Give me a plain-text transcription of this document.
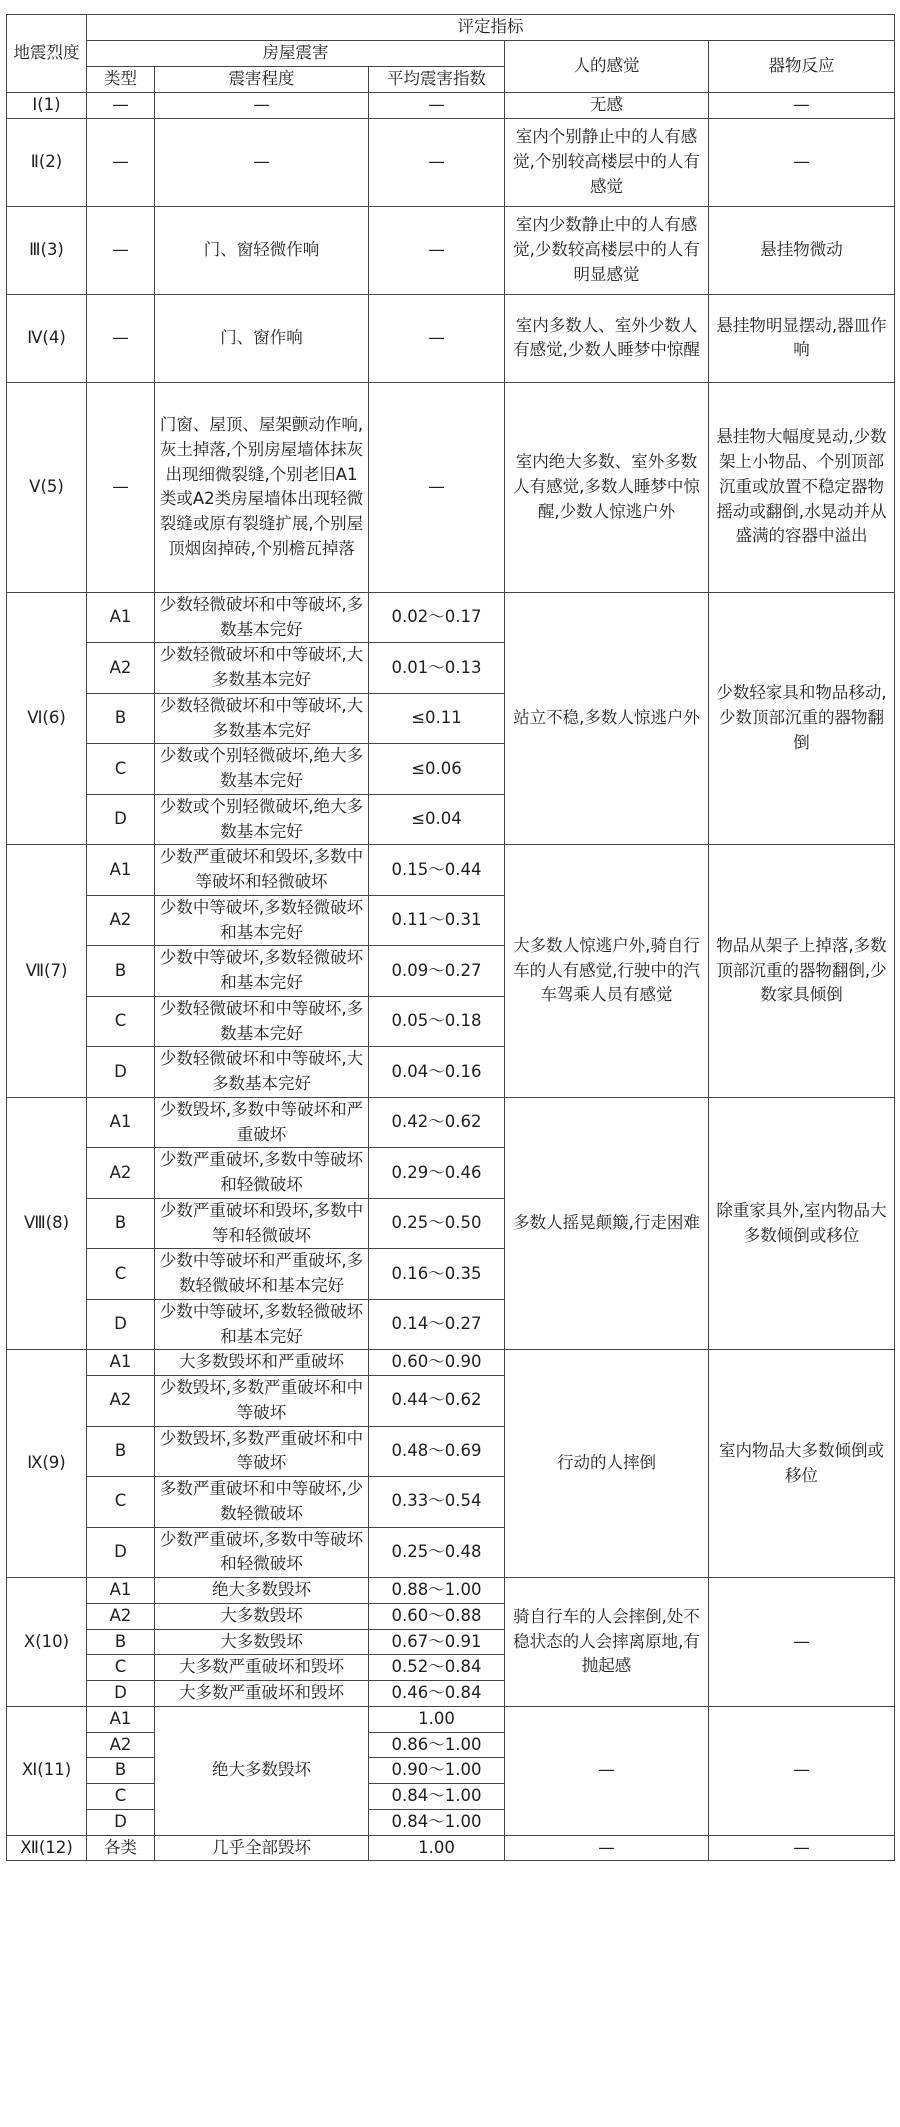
地震烈度	评定指标				
	房屋震害			人的感觉	器物反应
	类型	震害程度	平均震害指数		
Ⅰ(1)	—	—	—	无感	—
Ⅱ(2)	—	—	—	室内个别静止中的人有感觉,个别较高楼层中的人有感觉	—
Ⅲ(3)	—	门、窗轻微作响	—	室内少数静止中的人有感觉,少数较高楼层中的人有明显感觉	悬挂物微动
Ⅳ(4)	—	门、窗作响	—	室内多数人、室外少数人有感觉,少数人睡梦中惊醒	悬挂物明显摆动,器皿作响
Ⅴ(5)	—	门窗、屋顶、屋架颤动作响,灰土掉落,个别房屋墙体抹灰出现细微裂缝,个别老旧A1类或A2类房屋墙体出现轻微裂缝或原有裂缝扩展,个别屋顶烟囱掉砖,个别檐瓦掉落	—	室内绝大多数、室外多数人有感觉,多数人睡梦中惊醒,少数人惊逃户外	悬挂物大幅度晃动,少数架上小物品、个别顶部沉重或放置不稳定器物摇动或翻倒,水晃动并从盛满的容器中溢出
Ⅵ(6)	A1	少数轻微破坏和中等破坏,多数基本完好	0.02～0.17	站立不稳,多数人惊逃户外	少数轻家具和物品移动,少数顶部沉重的器物翻倒
	A2	少数轻微破坏和中等破坏,大多数基本完好	0.01～0.13		
	B	少数轻微破坏和中等破坏,大多数基本完好	≤0.11		
	C	少数或个别轻微破坏,绝大多数基本完好	≤0.06		
	D	少数或个别轻微破坏,绝大多数基本完好	≤0.04		
Ⅶ(7)	A1	少数严重破坏和毁坏,多数中等破坏和轻微破坏	0.15～0.44	大多数人惊逃户外,骑自行车的人有感觉,行驶中的汽车驾乘人员有感觉	物品从架子上掉落,多数顶部沉重的器物翻倒,少数家具倾倒
	A2	少数中等破坏,多数轻微破坏和基本完好	0.11～0.31		
	B	少数中等破坏,多数轻微破坏和基本完好	0.09～0.27		
	C	少数轻微破坏和中等破坏,多数基本完好	0.05～0.18		
	D	少数轻微破坏和中等破坏,大多数基本完好	0.04～0.16		
Ⅷ(8)	A1	少数毁坏,多数中等破坏和严重破坏	0.42～0.62	多数人摇晃颠簸,行走困难	除重家具外,室内物品大多数倾倒或移位
	A2	少数严重破坏,多数中等破坏和轻微破坏	0.29～0.46		
	B	少数严重破坏和毁坏,多数中等和轻微破坏	0.25～0.50		
	C	少数中等破坏和严重破坏,多数轻微破坏和基本完好	0.16～0.35		
	D	少数中等破坏,多数轻微破坏和基本完好	0.14～0.27		
Ⅸ(9)	A1	大多数毁坏和严重破坏	0.60～0.90	行动的人摔倒	室内物品大多数倾倒或移位
	A2	少数毁坏,多数严重破坏和中等破坏	0.44～0.62		
	B	少数毁坏,多数严重破坏和中等破坏	0.48～0.69		
	C	多数严重破坏和中等破坏,少数轻微破坏	0.33～0.54		
	D	少数严重破坏,多数中等破坏和轻微破坏	0.25～0.48		
Ⅹ(10)	A1	绝大多数毁坏	0.88～1.00	骑自行车的人会摔倒,处不稳状态的人会摔离原地,有抛起感	—
	A2	大多数毁坏	0.60～0.88		
	B	大多数毁坏	0.67～0.91		
	C	大多数严重破坏和毁坏	0.52～0.84		
	D	大多数严重破坏和毁坏	0.46～0.84		
Ⅺ(11)	A1	绝大多数毁坏	1.00	—	—
	A2		0.86～1.00		
	B		0.90～1.00		
	C		0.84～1.00		
	D		0.84～1.00		
Ⅻ(12)	各类	几乎全部毁坏	1.00	—	—
